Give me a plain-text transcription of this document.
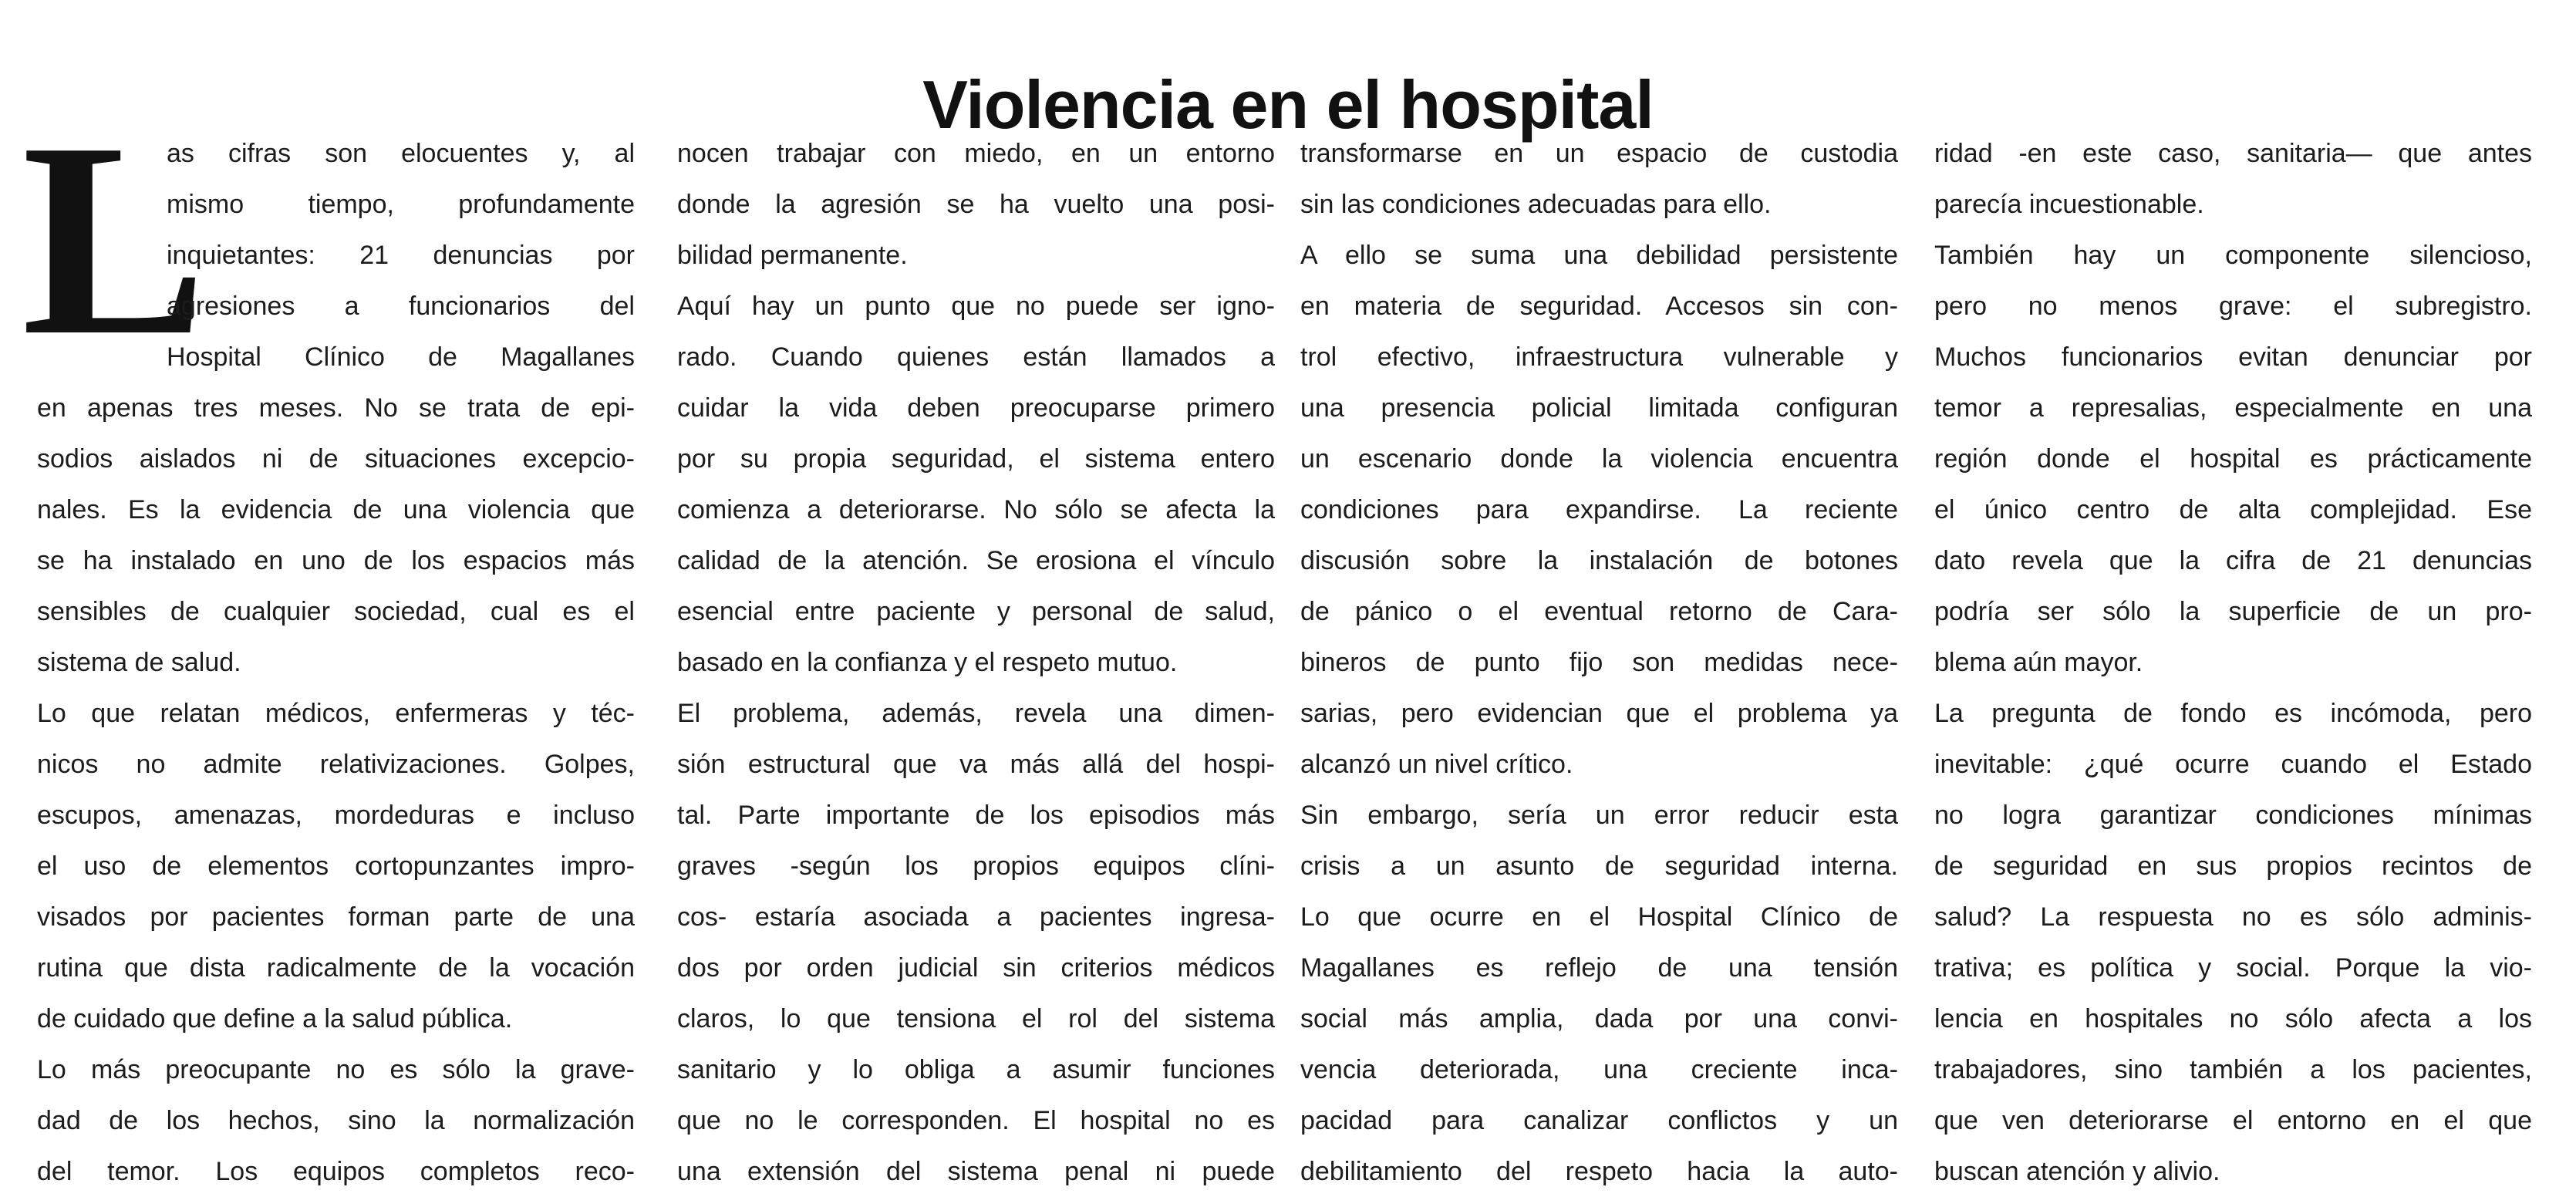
Violencia en el hospital
L
as cifras son elocuentes y, al
mismo tiempo, profundamente
inquietantes: 21 denuncias por
agresiones a funcionarios del
Hospital Clínico de Magallanes
en apenas tres meses. No se trata de epi-
sodios aislados ni de situaciones excepcio-
nales. Es la evidencia de una violencia que
se ha instalado en uno de los espacios más
sensibles de cualquier sociedad, cual es el
sistema de salud.
Lo que relatan médicos, enfermeras y téc-
nicos no admite relativizaciones. Golpes,
escupos, amenazas, mordeduras e incluso
el uso de elementos cortopunzantes impro-
visados por pacientes forman parte de una
rutina que dista radicalmente de la vocación
de cuidado que define a la salud pública.
Lo más preocupante no es sólo la grave-
dad de los hechos, sino la normalización
del temor. Los equipos completos reco-
nocen trabajar con miedo, en un entorno
donde la agresión se ha vuelto una posi-
bilidad permanente.
Aquí hay un punto que no puede ser igno-
rado. Cuando quienes están llamados a
cuidar la vida deben preocuparse primero
por su propia seguridad, el sistema entero
comienza a deteriorarse. No sólo se afecta la
calidad de la atención. Se erosiona el vínculo
esencial entre paciente y personal de salud,
basado en la confianza y el respeto mutuo.
El problema, además, revela una dimen-
sión estructural que va más allá del hospi-
tal. Parte importante de los episodios más
graves -según los propios equipos clíni-
cos- estaría asociada a pacientes ingresa-
dos por orden judicial sin criterios médicos
claros, lo que tensiona el rol del sistema
sanitario y lo obliga a asumir funciones
que no le corresponden. El hospital no es
una extensión del sistema penal ni puede
transformarse en un espacio de custodia
sin las condiciones adecuadas para ello.
A ello se suma una debilidad persistente
en materia de seguridad. Accesos sin con-
trol efectivo, infraestructura vulnerable y
una presencia policial limitada configuran
un escenario donde la violencia encuentra
condiciones para expandirse. La reciente
discusión sobre la instalación de botones
de pánico o el eventual retorno de Cara-
bineros de punto fijo son medidas nece-
sarias, pero evidencian que el problema ya
alcanzó un nivel crítico.
Sin embargo, sería un error reducir esta
crisis a un asunto de seguridad interna.
Lo que ocurre en el Hospital Clínico de
Magallanes es reflejo de una tensión
social más amplia, dada por una convi-
vencia deteriorada, una creciente inca-
pacidad para canalizar conflictos y un
debilitamiento del respeto hacia la auto-
ridad -en este caso, sanitaria— que antes
parecía incuestionable.
También hay un componente silencioso,
pero no menos grave: el subregistro.
Muchos funcionarios evitan denunciar por
temor a represalias, especialmente en una
región donde el hospital es prácticamente
el único centro de alta complejidad. Ese
dato revela que la cifra de 21 denuncias
podría ser sólo la superficie de un pro-
blema aún mayor.
La pregunta de fondo es incómoda, pero
inevitable: ¿qué ocurre cuando el Estado
no logra garantizar condiciones mínimas
de seguridad en sus propios recintos de
salud? La respuesta no es sólo adminis-
trativa; es política y social. Porque la vio-
lencia en hospitales no sólo afecta a los
trabajadores, sino también a los pacientes,
que ven deteriorarse el entorno en el que
buscan atención y alivio.
